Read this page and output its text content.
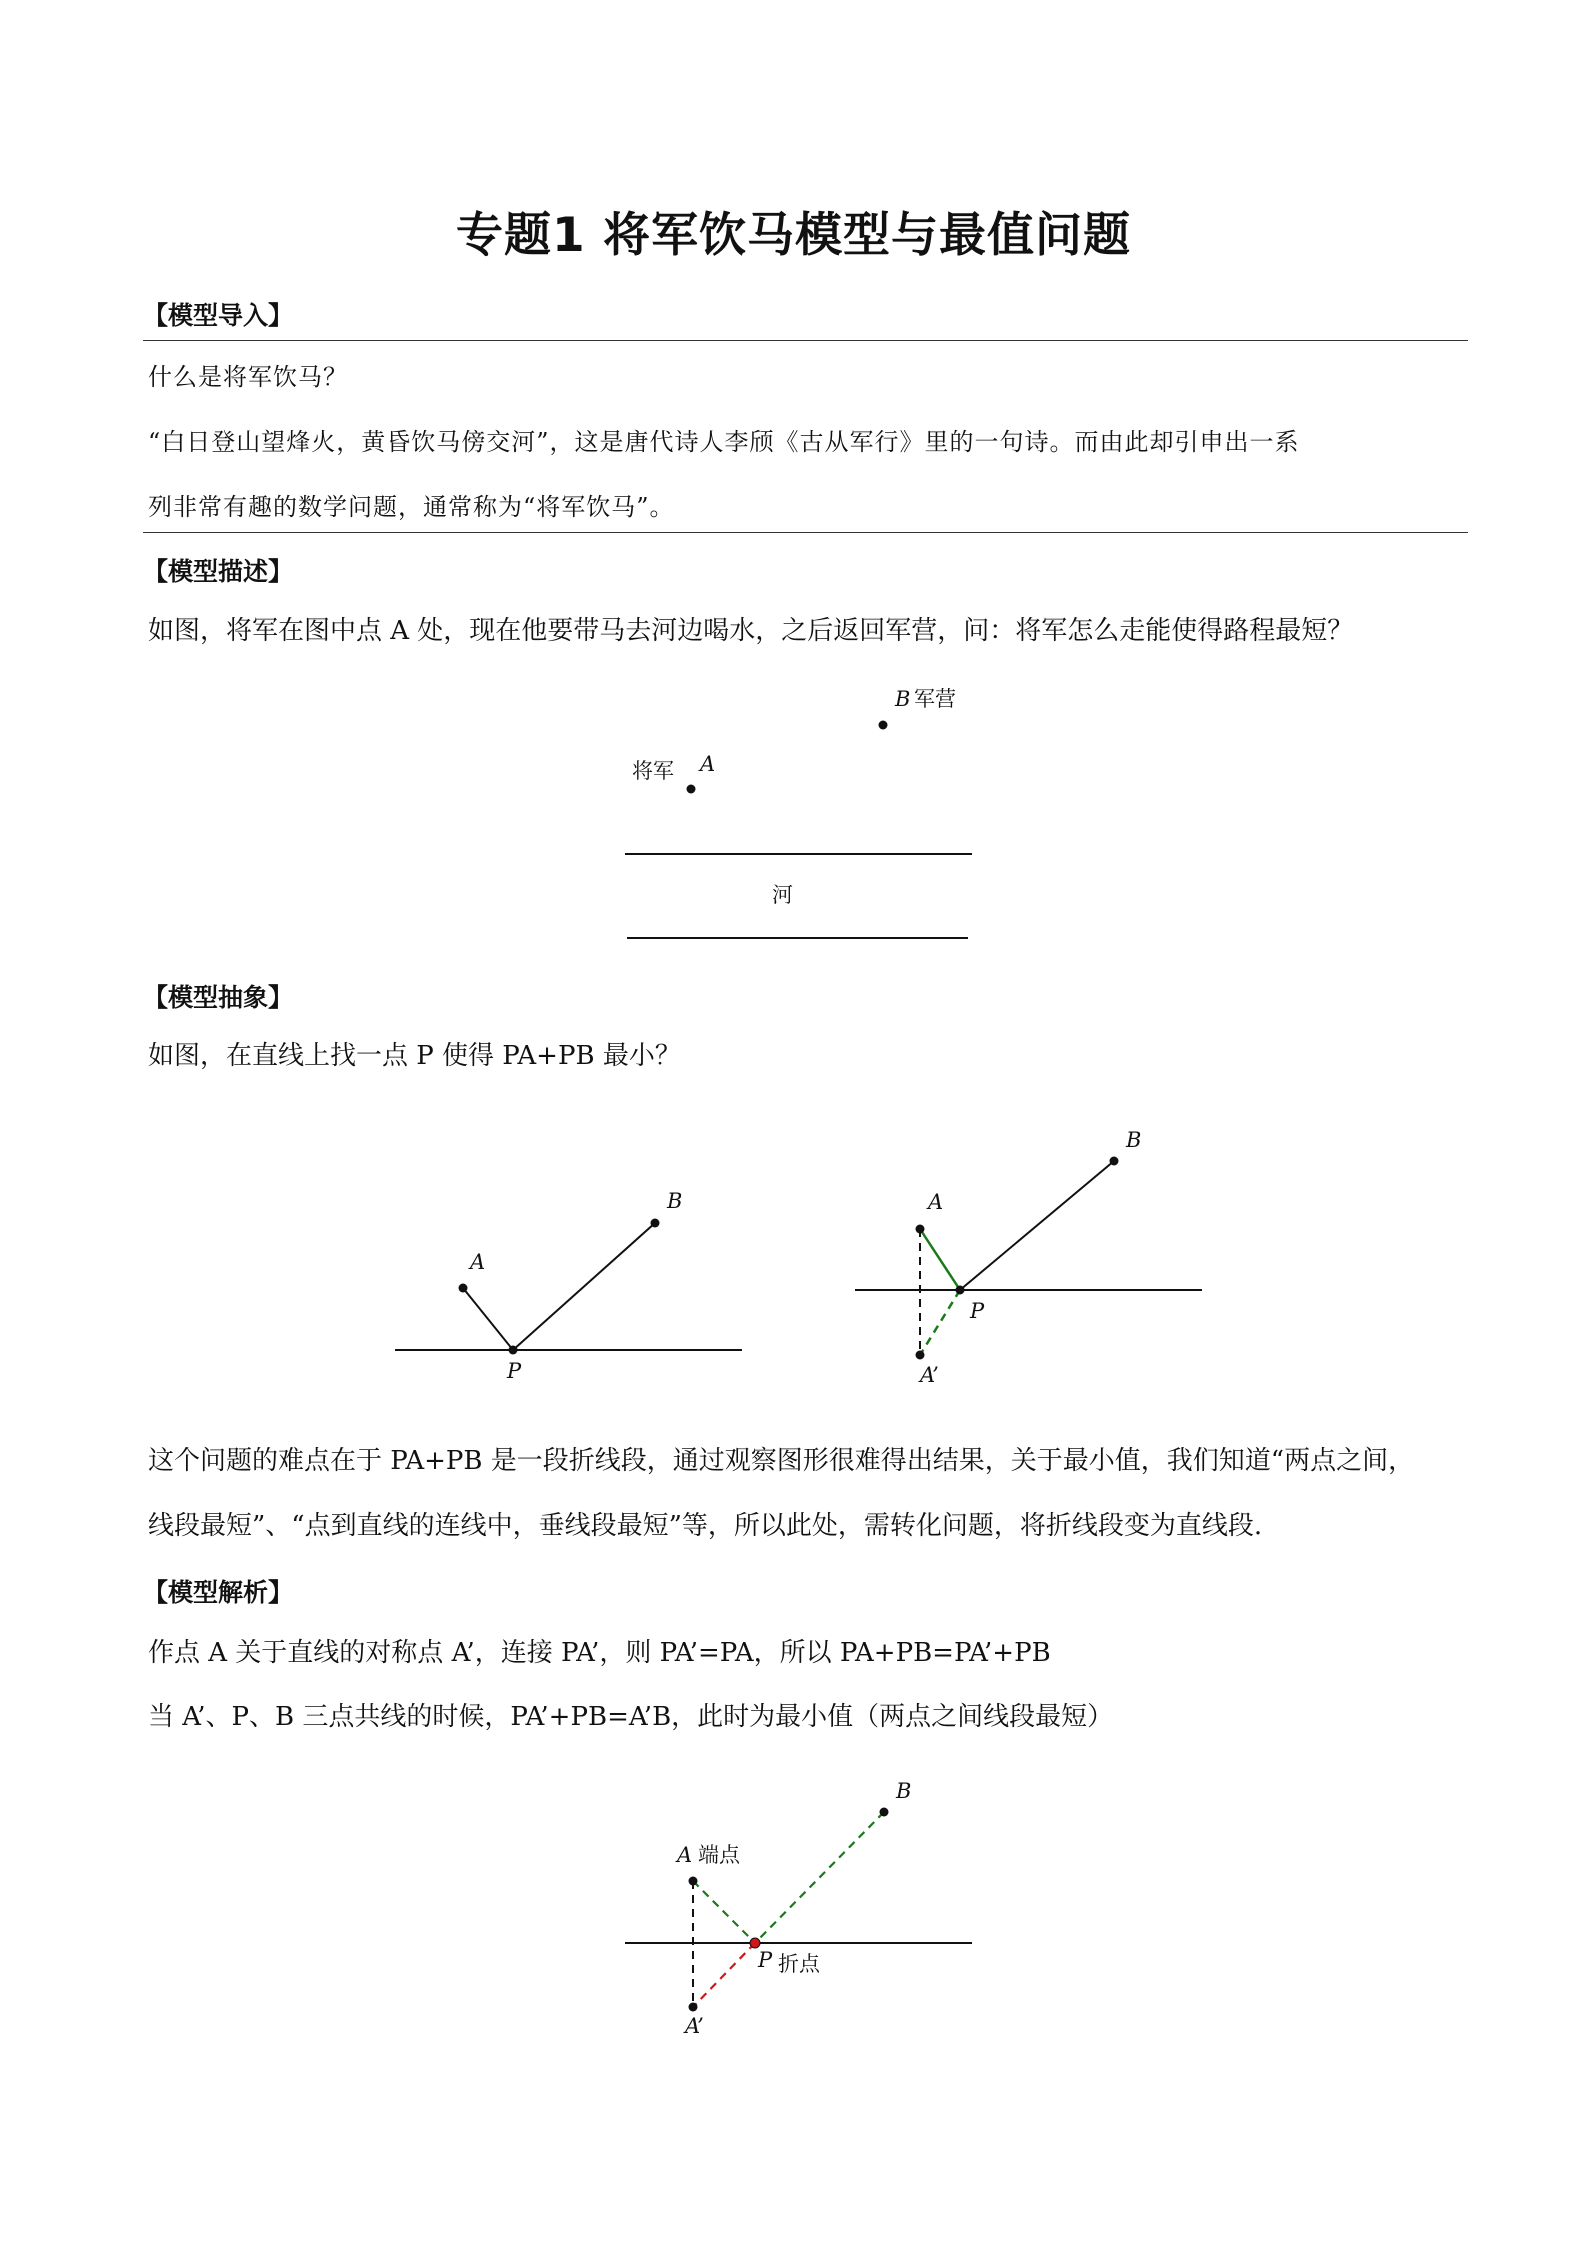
专题1 将军饮马模型与最值问题
【模型导入】
什么是将军饮马？
“白日登山望烽火，黄昏饮马傍交河”，这是唐代诗人李颀《古从军行》里的一句诗。而由此却引申出一系
列非常有趣的数学问题，通常称为“将军饮马”。
【模型描述】
如图，将军在图中点 A 处，现在他要带马去河边喝水，之后返回军营，问：将军怎么走能使得路程最短？
B 军营
将军 A
河
【模型抽象】
如图，在直线上找一点 P 使得 PA+PB 最小？
A
B
P
A
B
P
A’
这个问题的难点在于 PA+PB 是一段折线段，通过观察图形很难得出结果，关于最小值，我们知道“两点之间，
线段最短”、“点到直线的连线中，垂线段最短”等，所以此处，需转化问题，将折线段变为直线段.
【模型解析】
作点 A 关于直线的对称点 A’，连接 PA’，则 PA’=PA，所以 PA+PB=PA’+PB
当 A’、P、B 三点共线的时候，PA’+PB=A’B，此时为最小值（两点之间线段最短）
A 端点
B
P 折点
A’
